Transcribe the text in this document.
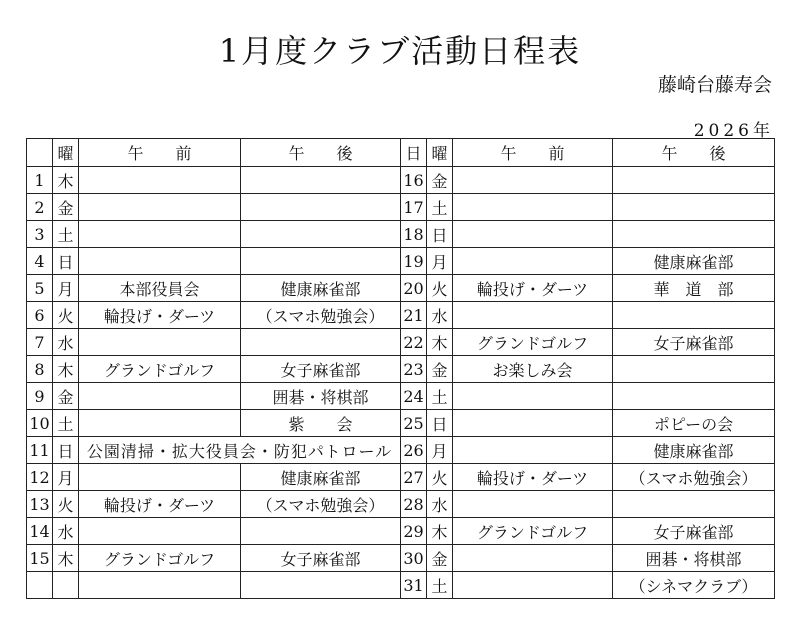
1月度クラブ活動日程表
藤崎台藤寿会
2026年
	曜	午　　前	午　　後	日	曜	午　　前	午　　後
1	木			16	金		
2	金			17	土		
3	土			18	日		
4	日			19	月		健康麻雀部
5	月	本部役員会	健康麻雀部	20	火	輪投げ・ダーツ	華　道　部
6	火	輪投げ・ダーツ	（スマホ勉強会）	21	水		
7	水			22	木	グランドゴルフ	女子麻雀部
8	木	グランドゴルフ	女子麻雀部	23	金	お楽しみ会	
9	金		囲碁・将棋部	24	土		
10	土		紫　　会	25	日		ポピーの会
11	日	公園清掃・拡大役員会・防犯パトロール		26	月		健康麻雀部
12	月		健康麻雀部	27	火	輪投げ・ダーツ	（スマホ勉強会）
13	火	輪投げ・ダーツ	（スマホ勉強会）	28	水		
14	水			29	木	グランドゴルフ	女子麻雀部
15	木	グランドゴルフ	女子麻雀部	30	金		囲碁・将棋部
				31	土		（シネマクラブ）
